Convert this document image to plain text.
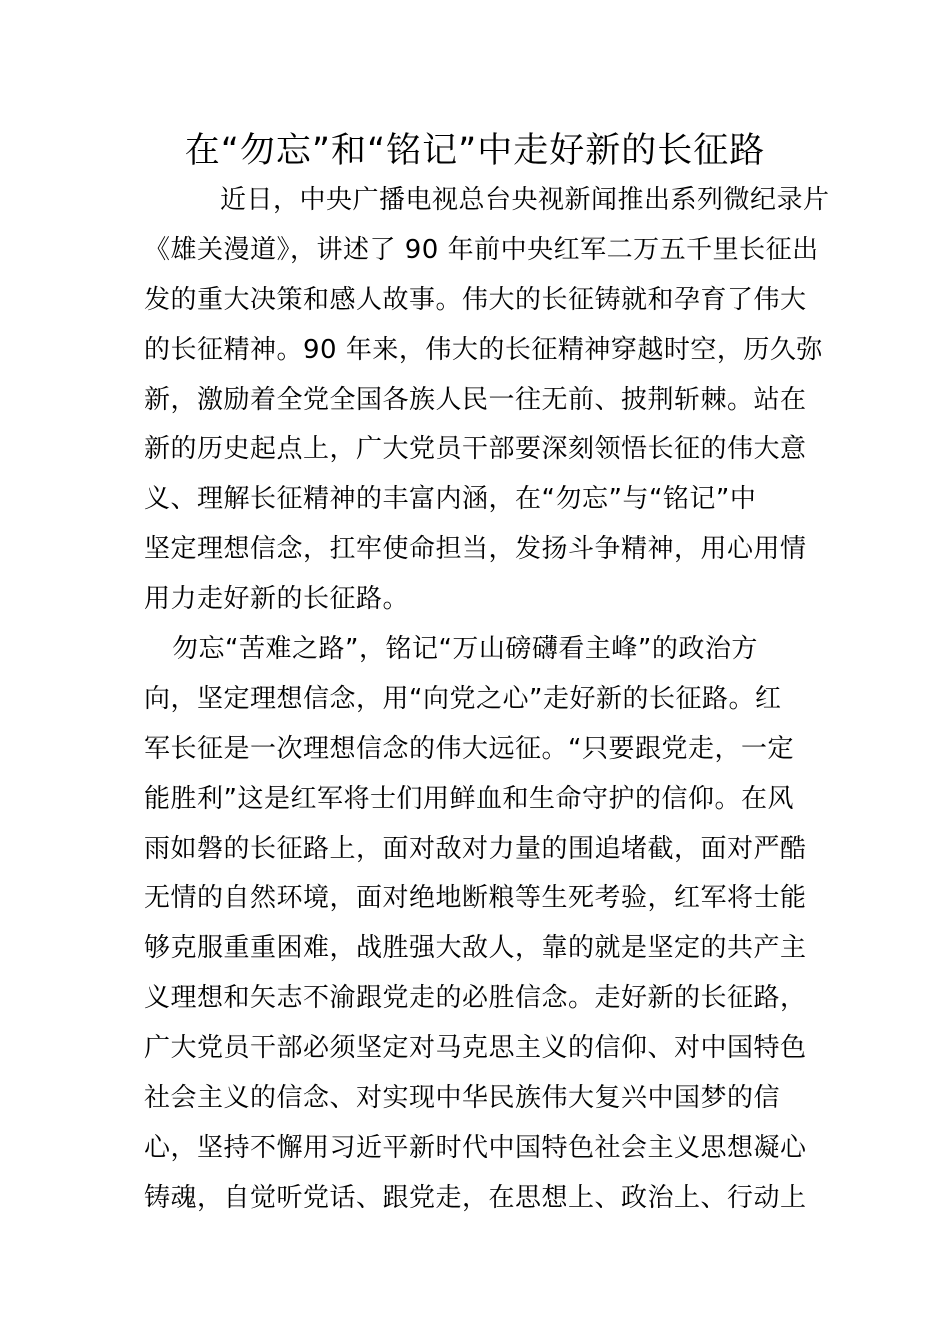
在“勿忘”和“铭记”中走好新的长征路
近日，中央广播电视总台央视新闻推出系列微纪录片
《雄关漫道》，讲述了 90 年前中央红军二万五千里长征出
发的重大决策和感人故事。伟大的长征铸就和孕育了伟大
的长征精神。90 年来，伟大的长征精神穿越时空，历久弥
新，激励着全党全国各族人民一往无前、披荆斩棘。站在
新的历史起点上，广大党员干部要深刻领悟长征的伟大意
义、理解长征精神的丰富内涵，在“勿忘”与“铭记”中
坚定理想信念，扛牢使命担当，发扬斗争精神，用心用情
用力走好新的长征路。
勿忘“苦难之路”，铭记“万山磅礴看主峰”的政治方
向，坚定理想信念，用“向党之心”走好新的长征路。红
军长征是一次理想信念的伟大远征。“只要跟党走，一定
能胜利”这是红军将士们用鲜血和生命守护的信仰。在风
雨如磐的长征路上，面对敌对力量的围追堵截，面对严酷
无情的自然环境，面对绝地断粮等生死考验，红军将士能
够克服重重困难，战胜强大敌人，靠的就是坚定的共产主
义理想和矢志不渝跟党走的必胜信念。走好新的长征路，
广大党员干部必须坚定对马克思主义的信仰、对中国特色
社会主义的信念、对实现中华民族伟大复兴中国梦的信
心，坚持不懈用习近平新时代中国特色社会主义思想凝心
铸魂，自觉听党话、跟党走，在思想上、政治上、行动上
